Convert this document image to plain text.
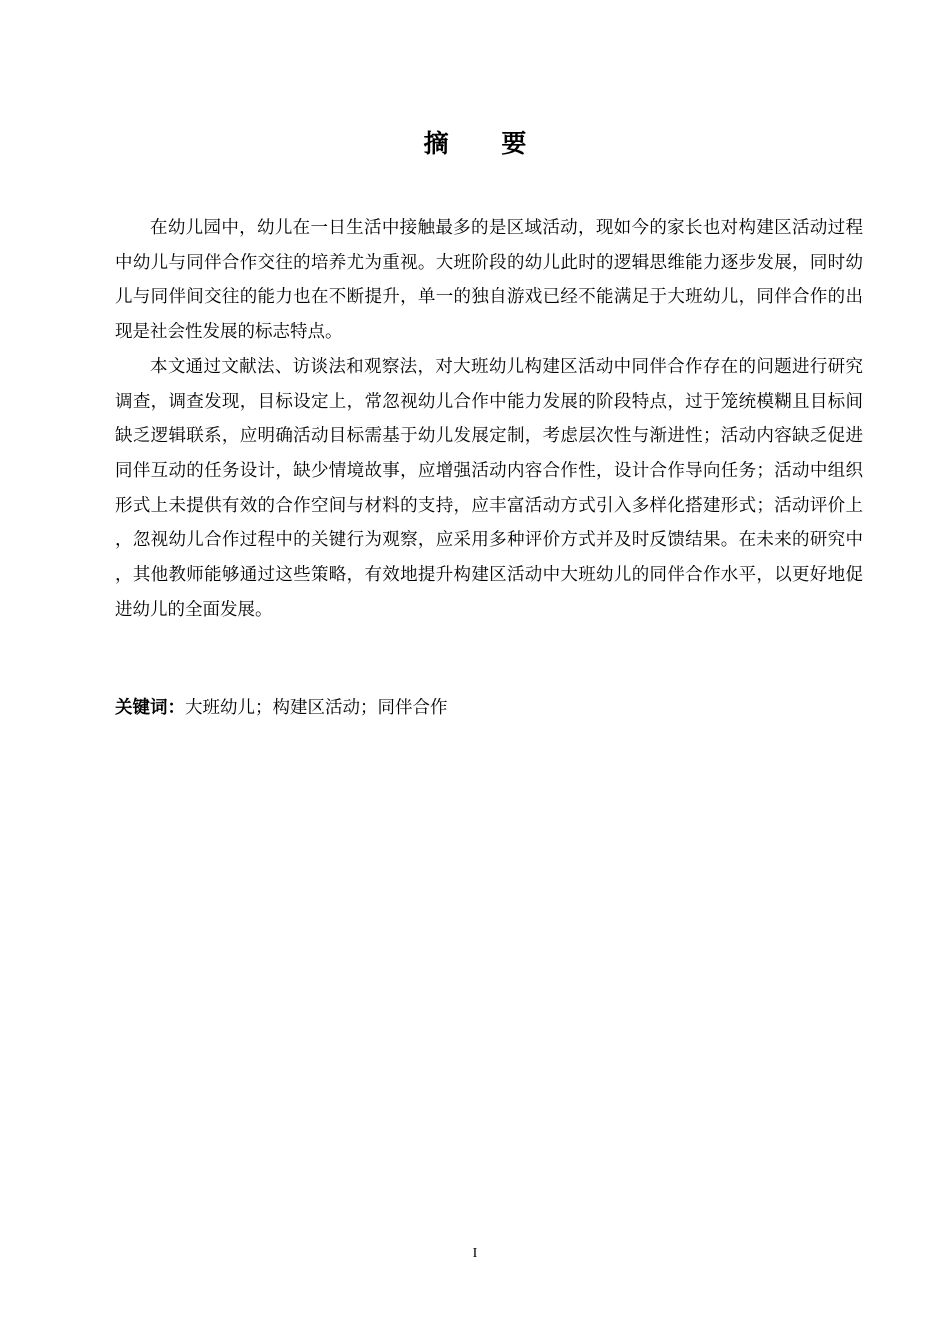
摘 要

在幼儿园中，幼儿在一日生活中接触最多的是区域活动，现如今的家长也对构建区活动过程中幼儿与同伴合作交往的培养尤为重视。大班阶段的幼儿此时的逻辑思维能力逐步发展，同时幼儿与同伴间交往的能力也在不断提升，单一的独自游戏已经不能满足于大班幼儿，同伴合作的出现是社会性发展的标志特点。

本文通过文献法、访谈法和观察法，对大班幼儿构建区活动中同伴合作存在的问题进行研究调查，调查发现，目标设定上，常忽视幼儿合作中能力发展的阶段特点，过于笼统模糊且目标间缺乏逻辑联系，应明确活动目标需基于幼儿发展定制，考虑层次性与渐进性；活动内容缺乏促进同伴互动的任务设计，缺少情境故事，应增强活动内容合作性，设计合作导向任务；活动中组织形式上未提供有效的合作空间与材料的支持，应丰富活动方式引入多样化搭建形式；活动评价上，忽视幼儿合作过程中的关键行为观察，应采用多种评价方式并及时反馈结果。在未来的研究中，其他教师能够通过这些策略，有效地提升构建区活动中大班幼儿的同伴合作水平，以更好地促进幼儿的全面发展。

关键词：大班幼儿；构建区活动；同伴合作
I
